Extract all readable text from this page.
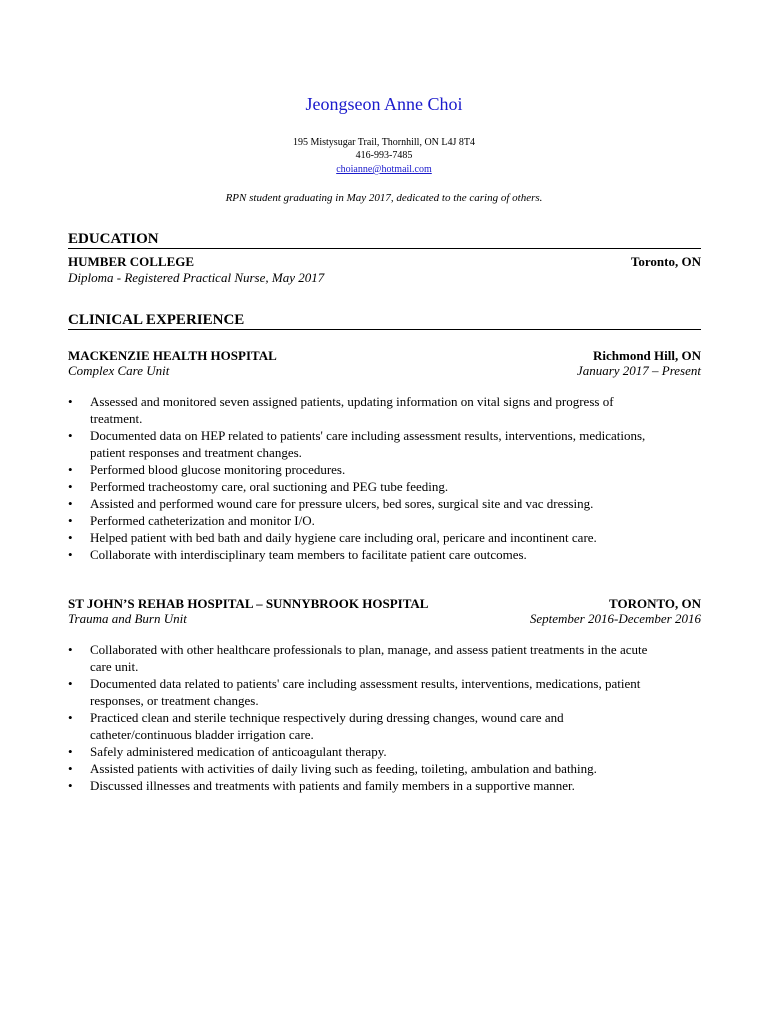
Jeongseon Anne Choi
195 Mistysugar Trail, Thornhill, ON L4J 8T4
416-993-7485
choianne@hotmail.com
RPN student graduating in May 2017, dedicated to the caring of others.
EDUCATION
HUMBER COLLEGE	Toronto, ON
Diploma - Registered Practical Nurse, May 2017
CLINICAL EXPERIENCE
MACKENZIE HEALTH HOSPITAL	Richmond Hill, ON
Complex Care Unit	January 2017 – Present
• Assessed and monitored seven assigned patients, updating information on vital signs and progress of treatment.
• Documented data on HEP related to patients' care including assessment results, interventions, medications, patient responses and treatment changes.
• Performed blood glucose monitoring procedures.
• Performed tracheostomy care, oral suctioning and PEG tube feeding.
• Assisted and performed wound care for pressure ulcers, bed sores, surgical site and vac dressing.
• Performed catheterization and monitor I/O.
• Helped patient with bed bath and daily hygiene care including oral, pericare and incontinent care.
• Collaborate with interdisciplinary team members to facilitate patient care outcomes.
ST JOHN’S REHAB HOSPITAL – SUNNYBROOK HOSPITAL	TORONTO, ON
Trauma and Burn Unit	September 2016-December 2016
• Collaborated with other healthcare professionals to plan, manage, and assess patient treatments in the acute care unit.
• Documented data related to patients' care including assessment results, interventions, medications, patient responses, or treatment changes.
• Practiced clean and sterile technique respectively during dressing changes, wound care and catheter/continuous bladder irrigation care.
• Safely administered medication of anticoagulant therapy.
• Assisted patients with activities of daily living such as feeding, toileting, ambulation and bathing.
• Discussed illnesses and treatments with patients and family members in a supportive manner.
